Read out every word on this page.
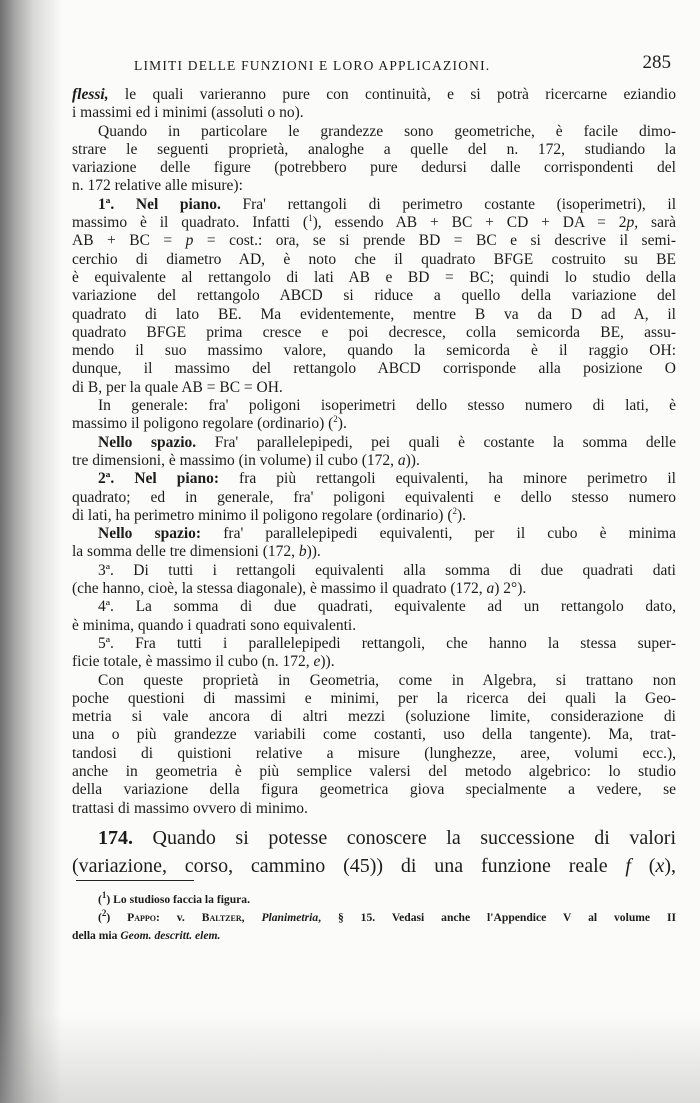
LIMITI DELLE FUNZIONI E LORO APPLICAZIONI.	285
flessi, le quali varieranno pure con continuità, e si potrà ricercarne eziandio
i massimi ed i minimi (assoluti o no).
Quando in particolare le grandezze sono geometriche, è facile dimo-
strare le seguenti proprietà, analoghe a quelle del n. 172, studiando la
variazione delle figure (potrebbero pure dedursi dalle corrispondenti del
n. 172 relative alle misure):
1ª. Nel piano. Fra' rettangoli di perimetro costante (isoperimetri), il
massimo è il quadrato. Infatti ($^1$), essendo AB + BC + CD + DA = 2p, sarà
AB + BC = p = cost.: ora, se si prende BD = BC e si descrive il semi-
cerchio di diametro AD, è noto che il quadrato BFGE costruito su BE
è equivalente al rettangolo di lati AB e BD = BC; quindi lo studio della
variazione del rettangolo ABCD si riduce a quello della variazione del
quadrato di lato BE. Ma evidentemente, mentre B va da D ad A, il
quadrato BFGE prima cresce e poi decresce, colla semicorda BE, assu-
mendo il suo massimo valore, quando la semicorda è il raggio OH:
dunque, il massimo del rettangolo ABCD corrisponde alla posizione O
di B, per la quale AB = BC = OH.
In generale: fra' poligoni isoperimetri dello stesso numero di lati, è
massimo il poligono regolare (ordinario) ($^2$).
Nello spazio. Fra' parallelepipedi, pei quali è costante la somma delle
tre dimensioni, è massimo (in volume) il cubo (172, a)).
2ª. Nel piano: fra più rettangoli equivalenti, ha minore perimetro il
quadrato; ed in generale, fra' poligoni equivalenti e dello stesso numero
di lati, ha perimetro minimo il poligono regolare (ordinario) ($^2$).
Nello spazio: fra' parallelepipedi equivalenti, per il cubo è minima
la somma delle tre dimensioni (172, b)).
3ª. Di tutti i rettangoli equivalenti alla somma di due quadrati dati
(che hanno, cioè, la stessa diagonale), è massimo il quadrato (172, a) 2°).
4ª. La somma di due quadrati, equivalente ad un rettangolo dato,
è minima, quando i quadrati sono equivalenti.
5ª. Fra tutti i parallelepipedi rettangoli, che hanno la stessa super-
ficie totale, è massimo il cubo (n. 172, e)).
Con queste proprietà in Geometria, come in Algebra, si trattano non
poche questioni di massimi e minimi, per la ricerca dei quali la Geo-
metria si vale ancora di altri mezzi (soluzione limite, considerazione di
una o più grandezze variabili come costanti, uso della tangente). Ma, trat-
tandosi di quistioni relative a misure (lunghezze, aree, volumi ecc.),
anche in geometria è più semplice valersi del metodo algebrico: lo studio
della variazione della figura geometrica giova specialmente a vedere, se
trattasi di massimo ovvero di minimo.
174. Quando si potesse conoscere la successione di valori
(variazione, corso, cammino (45)) di una funzione reale f (x),
($^1$) Lo studioso faccia la figura.
($^2$) Pappo: v. Baltzer, Planimetria, § 15. Vedasi anche l'Appendice V al volume II
della mia Geom. descritt. elem.
